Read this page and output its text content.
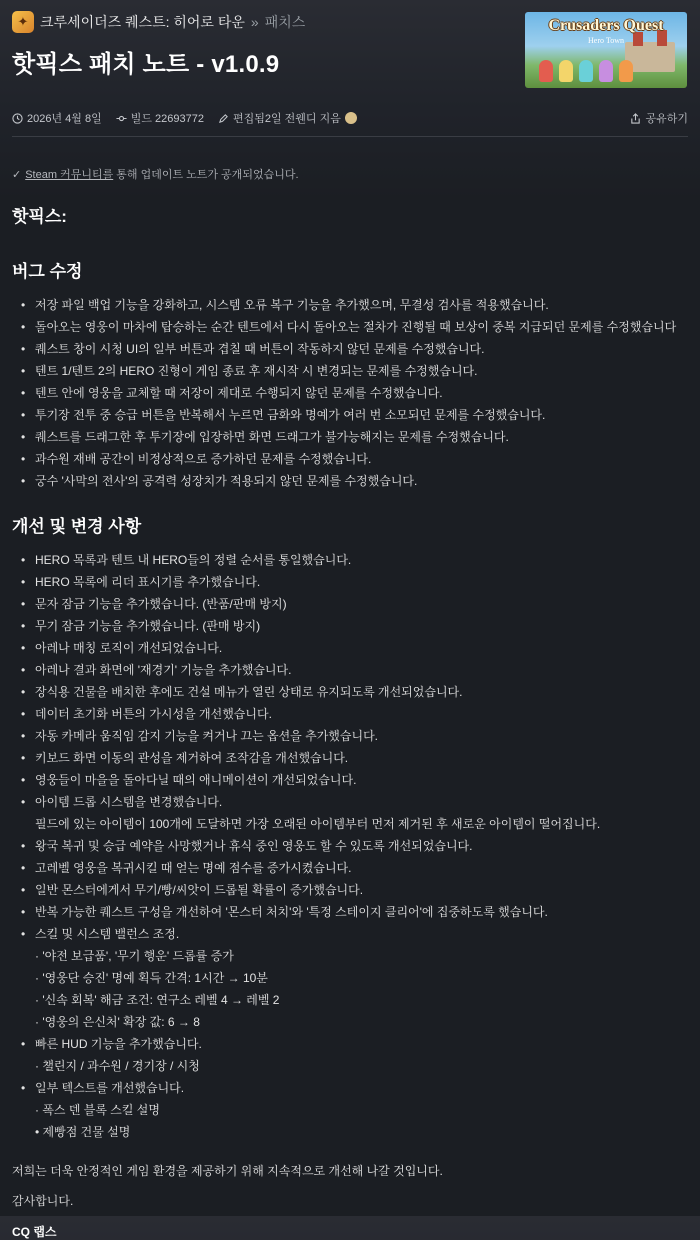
✦ 크루세이더즈 퀘스트: 히어로 타운 » 패치스
핫픽스 패치 노트 - v1.0.9
Crusaders Quest
Hero Town
2026년 4월 8일	빌드 22693772	편집됨2일 전웬디 지음	공유하기
✓ Steam 커뮤니티를 통해 업데이트 노트가 공개되었습니다.
핫픽스:
버그 수정
• 저장 파일 백업 기능을 강화하고, 시스템 오류 복구 기능을 추가했으며, 무결성 검사를 적용했습니다.
• 돌아오는 영웅이 마차에 탑승하는 순간 텐트에서 다시 돌아오는 절차가 진행될 때 보상이 중복 지급되던 문제를 수정했습니다
• 퀘스트 창이 시청 UI의 일부 버튼과 겹칠 때 버튼이 작동하지 않던 문제를 수정했습니다.
• 텐트 1/텐트 2의 HERO 진형이 게임 종료 후 재시작 시 변경되는 문제를 수정했습니다.
• 텐트 안에 영웅을 교체할 때 저장이 제대로 수행되지 않던 문제를 수정했습니다.
• 투기장 전투 중 승급 버튼을 반복해서 누르면 금화와 명예가 여러 번 소모되던 문제를 수정했습니다.
• 퀘스트를 드래그한 후 투기장에 입장하면 화면 드래그가 불가능해지는 문제를 수정했습니다.
• 과수원 재배 공간이 비정상적으로 증가하던 문제를 수정했습니다.
• 궁수 '사막의 전사'의 공격력 성장치가 적용되지 않던 문제를 수정했습니다.
개선 및 변경 사항
• HERO 목록과 텐트 내 HERO들의 정렬 순서를 통일했습니다.
• HERO 목록에 리더 표시기를 추가했습니다.
• 문자 잠금 기능을 추가했습니다. (반품/판매 방지)
• 무기 잠금 기능을 추가했습니다. (판매 방지)
• 아레나 매칭 로직이 개선되었습니다.
• 아레나 결과 화면에 '재경기' 기능을 추가했습니다.
• 장식용 건물을 배치한 후에도 건설 메뉴가 열린 상태로 유지되도록 개선되었습니다.
• 데이터 초기화 버튼의 가시성을 개선했습니다.
• 자동 카메라 움직임 감지 기능을 켜거나 끄는 옵션을 추가했습니다.
• 키보드 화면 이동의 관성을 제거하여 조작감을 개선했습니다.
• 영웅들이 마을을 돌아다닐 때의 애니메이션이 개선되었습니다.
• 아이템 드롭 시스템을 변경했습니다.
필드에 있는 아이템이 100개에 도달하면 가장 오래된 아이템부터 먼저 제거된 후 새로운 아이템이 떨어집니다.
• 왕국 복귀 및 승급 예약을 사망했거나 휴식 중인 영웅도 할 수 있도록 개선되었습니다.
• 고레벨 영웅을 복귀시킬 때 얻는 명예 점수를 증가시켰습니다.
• 일반 몬스터에게서 무기/빵/씨앗이 드롭될 확률이 증가했습니다.
• 반복 가능한 퀘스트 구성을 개선하여 '몬스터 처치'와 '특정 스테이지 클리어'에 집중하도록 했습니다.
• 스킬 및 시스템 밸런스 조정.
· '야전 보급품', '무기 행운' 드롭률 증가
· '영웅단 승진' 명예 획득 간격: 1시간 → 10분
· '신속 회복' 해금 조건: 연구소 레벨 4 → 레벨 2
· '영웅의 은신처' 확장 값: 6 → 8
• 빠른 HUD 기능을 추가했습니다.
· 챌린지 / 과수원 / 경기장 / 시청
• 일부 텍스트를 개선했습니다.
· 폭스 덴 블록 스킬 설명
• 제빵점 건물 설명

저희는 더욱 안정적인 게임 환경을 제공하기 위해 지속적으로 개선해 나갈 것입니다.

감사합니다.

CQ 랩스
